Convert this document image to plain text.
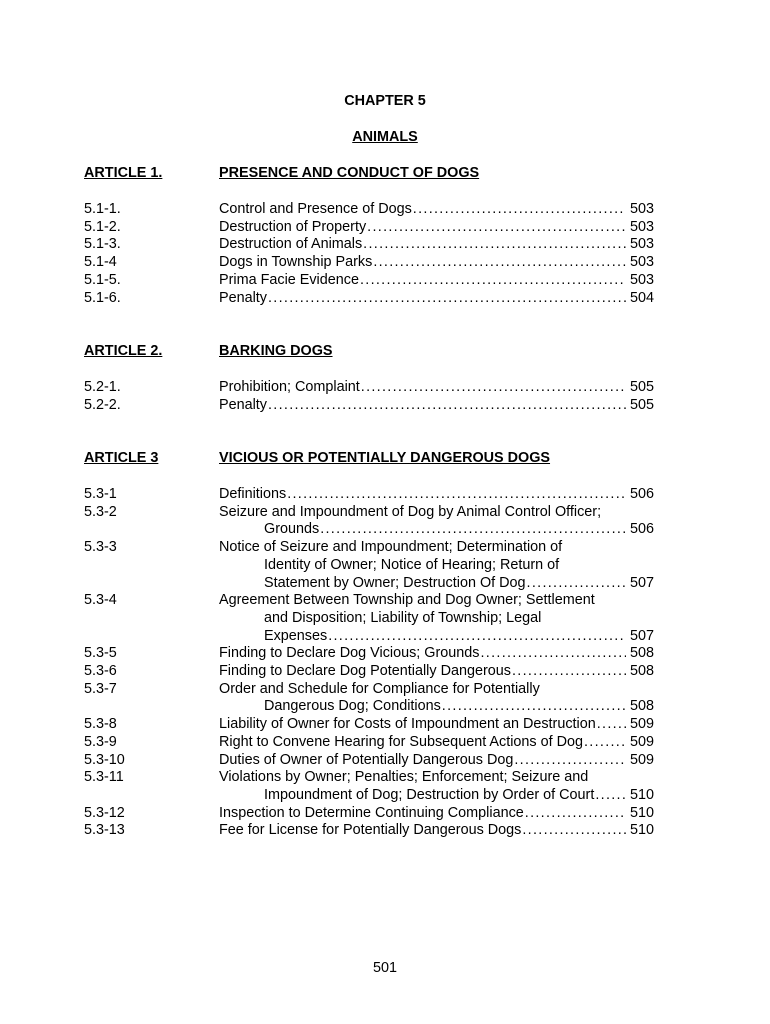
CHAPTER 5
ANIMALS
ARTICLE 1.	PRESENCE AND CONDUCT OF DOGS
5.1-1.	Control and Presence of Dogs .....	503
5.1-2.	Destruction of Property .....	503
5.1-3.	Destruction of Animals .....	503
5.1-4	Dogs in Township Parks .....	503
5.1-5.	Prima Facie Evidence .....	503
5.1-6.	Penalty .....	504
ARTICLE 2.	BARKING DOGS
5.2-1.	Prohibition; Complaint .....	505
5.2-2.	Penalty .....	505
ARTICLE 3	VICIOUS OR POTENTIALLY DANGEROUS DOGS
5.3-1	Definitions .....	506
5.3-2	Seizure and Impoundment of Dog by Animal Control Officer;
Grounds .....	506
5.3-3	Notice of Seizure and Impoundment; Determination of
Identity of Owner; Notice of Hearing; Return of
Statement by Owner; Destruction Of Dog .....	507
5.3-4	Agreement Between Township and Dog Owner; Settlement
and Disposition; Liability of Township; Legal
Expenses .....	507
5.3-5	Finding to Declare Dog Vicious; Grounds .....	508
5.3-6	Finding to Declare Dog Potentially Dangerous .....	508
5.3-7	Order and Schedule for Compliance for Potentially
Dangerous Dog; Conditions .....	508
5.3-8	Liability of Owner for Costs of Impoundment an Destruction ..... 509
5.3-9	Right to Convene Hearing for Subsequent Actions of Dog .....	509
5.3-10	Duties of Owner of Potentially Dangerous Dog .....	509
5.3-11	Violations by Owner; Penalties; Enforcement; Seizure and
Impoundment of Dog; Destruction by Order of Court ..... 510
5.3-12	Inspection to Determine Continuing Compliance .....	510
5.3-13	Fee for License for Potentially Dangerous Dogs .....	510
501
